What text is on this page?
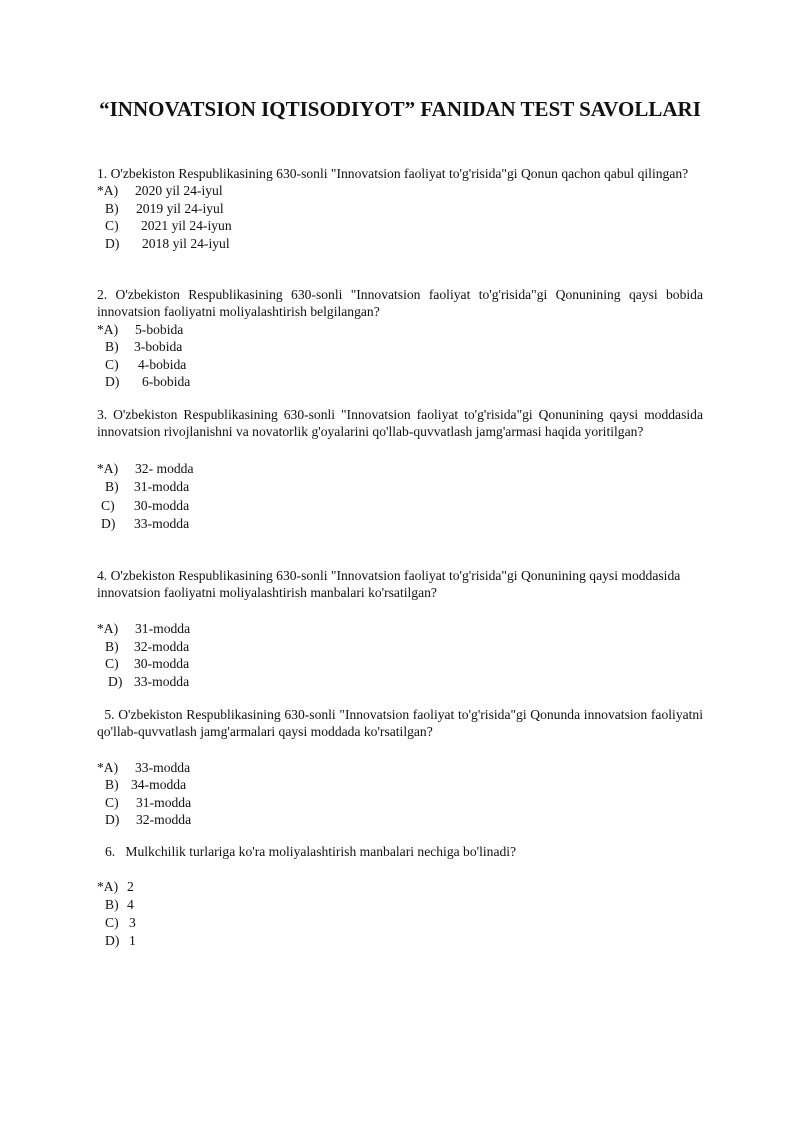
“INNOVATSION IQTISODIYOT” FANIDAN TEST SAVOLLARI

1. O'zbekiston Respublikasining 630-sonli "Innovatsion faoliyat to'g'risida"gi Qonun qachon qabul qilingan?

*A)	2020 yil 24-iyul
B)	2019 yil 24-iyul
C)	2021 yil 24-iyun
D)	2018 yil 24-iyul

2. O'zbekiston Respublikasining 630-sonli "Innovatsion faoliyat to'g'risida"gi Qonunining qaysi bobida innovatsion faoliyatni moliyalashtirish belgilangan?

*A)	5-bobida
B)	3-bobida
C)	4-bobida
D)	6-bobida

3. O'zbekiston Respublikasining 630-sonli "Innovatsion faoliyat to'g'risida"gi Qonunining qaysi moddasida innovatsion rivojlanishni va novatorlik g'oyalarini qo'llab-quvvatlash jamg'armasi haqida yoritilgan?

*A)	32- modda
B)	31-modda
C)	30-modda
D)	33-modda

4. O'zbekiston Respublikasining 630-sonli "Innovatsion faoliyat to'g'risida"gi Qonunining qaysi moddasida innovatsion faoliyatni moliyalashtirish manbalari ko'rsatilgan?

*A)	31-modda
B)	32-modda
C)	30-modda
D) 33-modda

5. O'zbekiston Respublikasining 630-sonli "Innovatsion faoliyat to'g'risida"gi Qonunda innovatsion faoliyatni qo'llab-quvvatlash jamg'armalari qaysi moddada ko'rsatilgan?

*A)	33-modda
B) 34-modda
C)	31-modda
D)	32-modda

6.   Mulkchilik turlariga ko'ra moliyalashtirish manbalari nechiga bo'linadi?

*A) 2
B) 4
C) 3
D) 1
